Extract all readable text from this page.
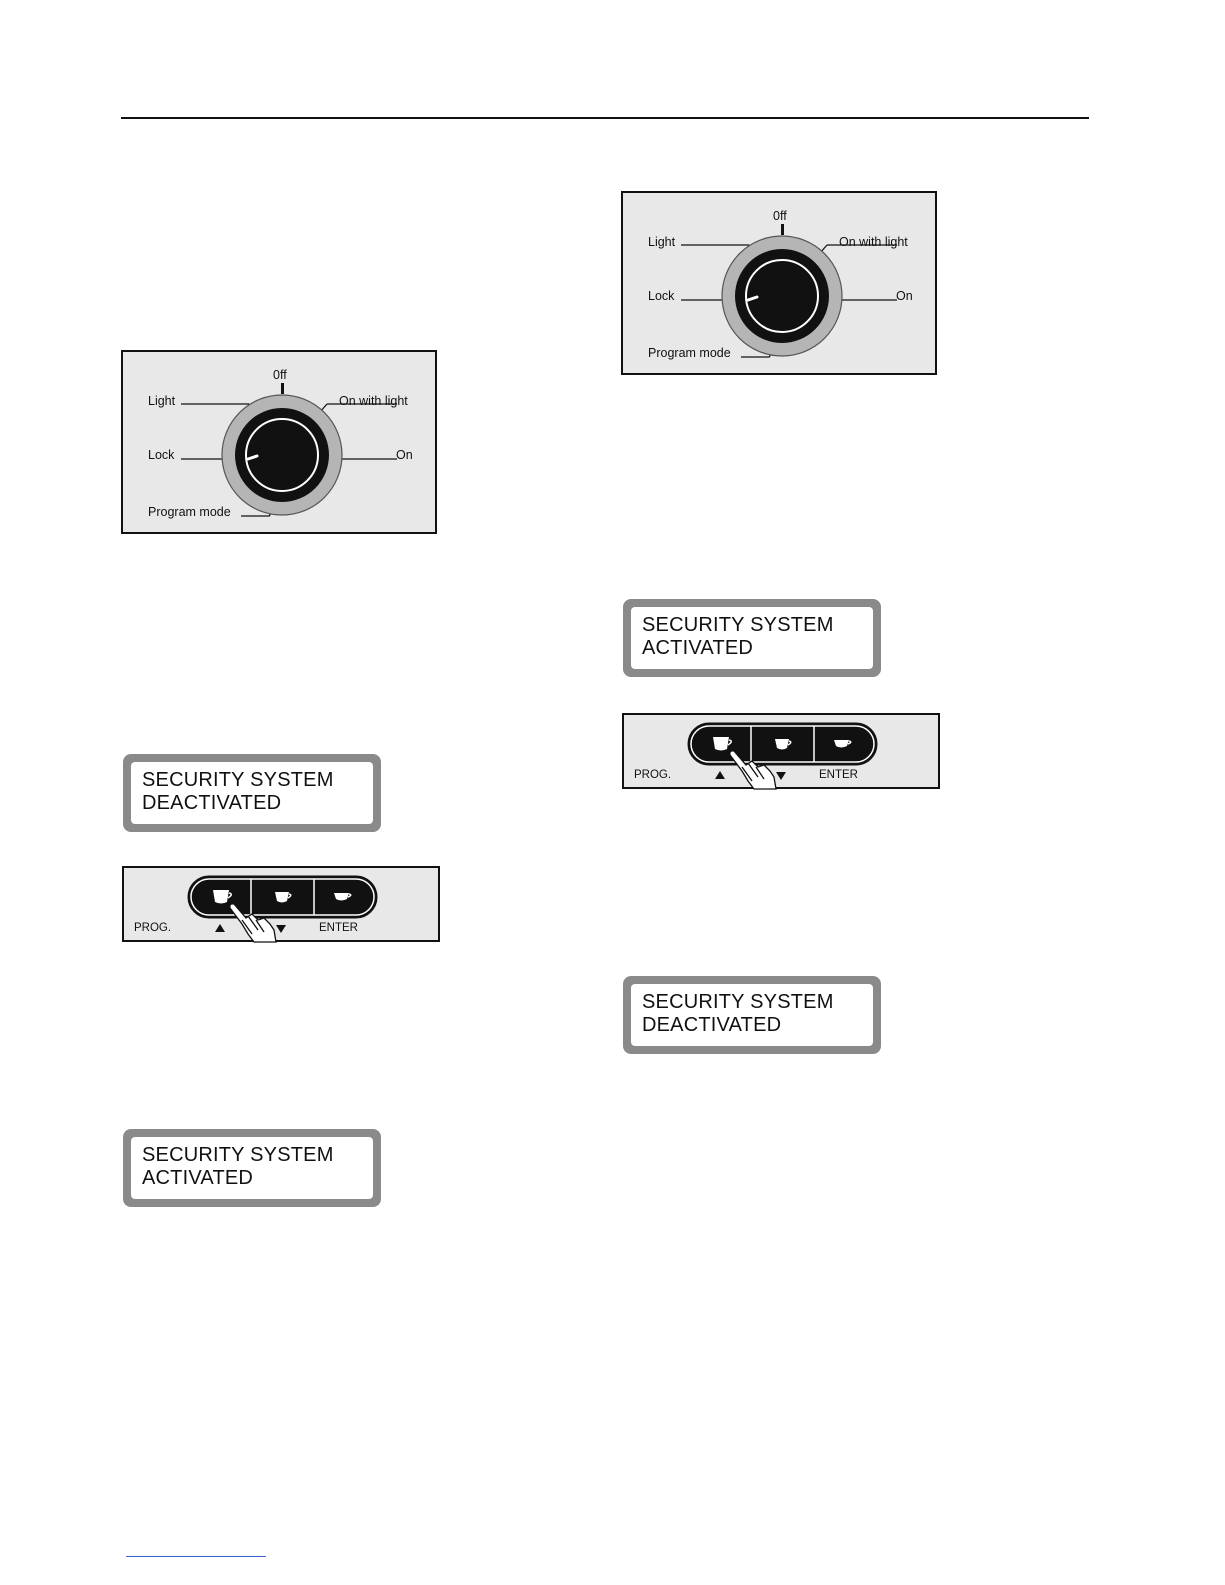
0ff
Light	On with light
Lock	On
Program mode
SECURITY SYSTEM
DEACTIVATED
PROG.	ENTER
SECURITY SYSTEM
ACTIVATED
0ff
Light	On with light
Lock	On
Program mode
SECURITY SYSTEM
ACTIVATED
PROG.	ENTER
SECURITY SYSTEM
DEACTIVATED
